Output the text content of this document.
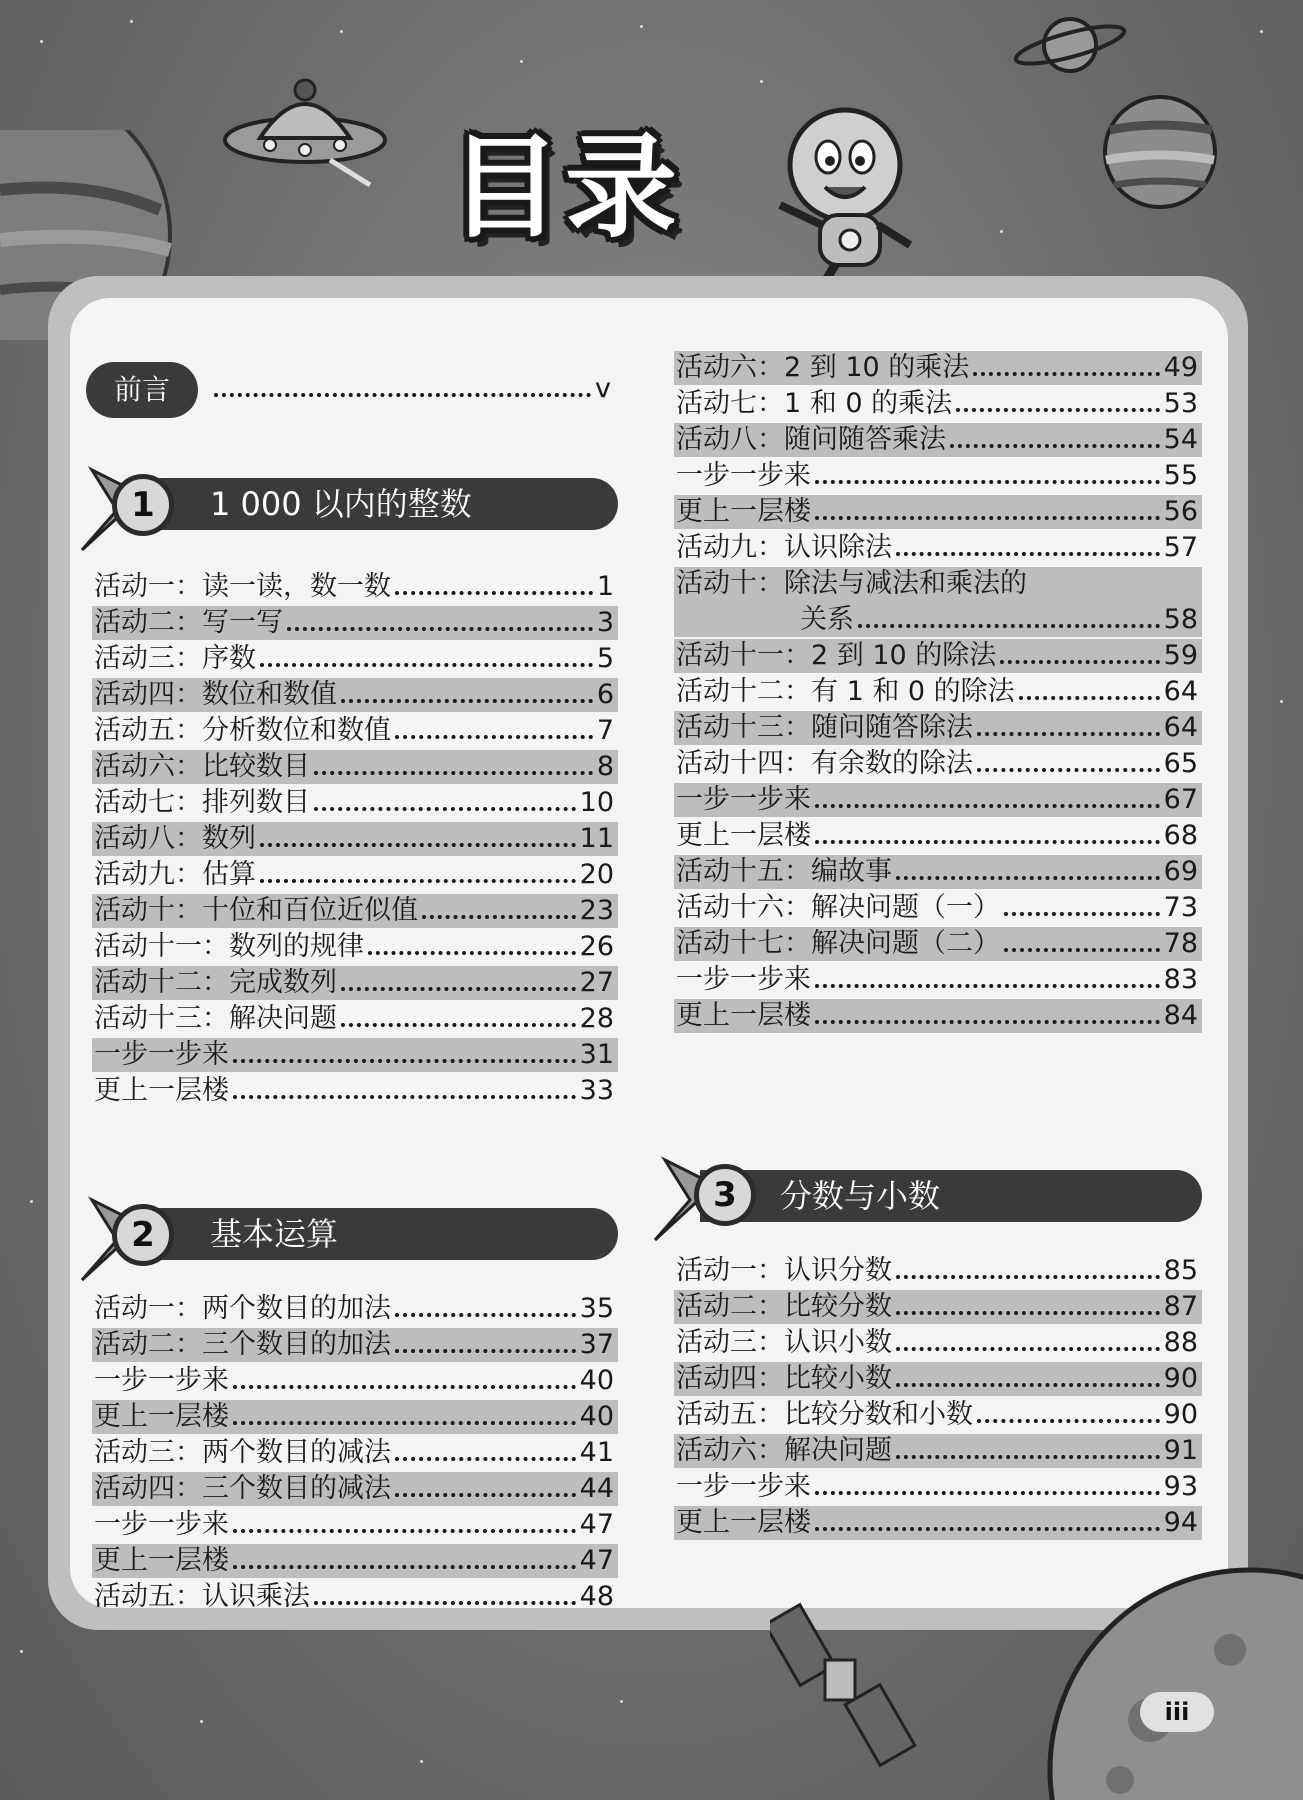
目录
前言	v
1 000 以内的整数
1
活动一：读一读，数一数	1
活动二：写一写	3
活动三：序数	5
活动四：数位和数值	6
活动五：分析数位和数值	7
活动六：比较数目	8
活动七：排列数目	10
活动八：数列	11
活动九：估算	20
活动十：十位和百位近似值	23
活动十一：数列的规律	26
活动十二：完成数列	27
活动十三：解决问题	28
一步一步来	31
更上一层楼	33
基本运算
2
活动一：两个数目的加法	35
活动二：三个数目的加法	37
一步一步来	40
更上一层楼	40
活动三：两个数目的减法	41
活动四：三个数目的减法	44
一步一步来	47
更上一层楼	47
活动五：认识乘法	48
活动六：2 到 10 的乘法	49
活动七：1 和 0 的乘法	53
活动八：随问随答乘法	54
一步一步来	55
更上一层楼	56
活动九：认识除法	57
活动十：除法与减法和乘法的
关系	58
活动十一：2 到 10 的除法	59
活动十二：有 1 和 0 的除法	64
活动十三：随问随答除法	64
活动十四：有余数的除法	65
一步一步来	67
更上一层楼	68
活动十五：编故事	69
活动十六：解决问题（一）	73
活动十七：解决问题（二）	78
一步一步来	83
更上一层楼	84
分数与小数
3
活动一：认识分数	85
活动二：比较分数	87
活动三：认识小数	88
活动四：比较小数	90
活动五：比较分数和小数	90
活动六：解决问题	91
一步一步来	93
更上一层楼	94
iii
